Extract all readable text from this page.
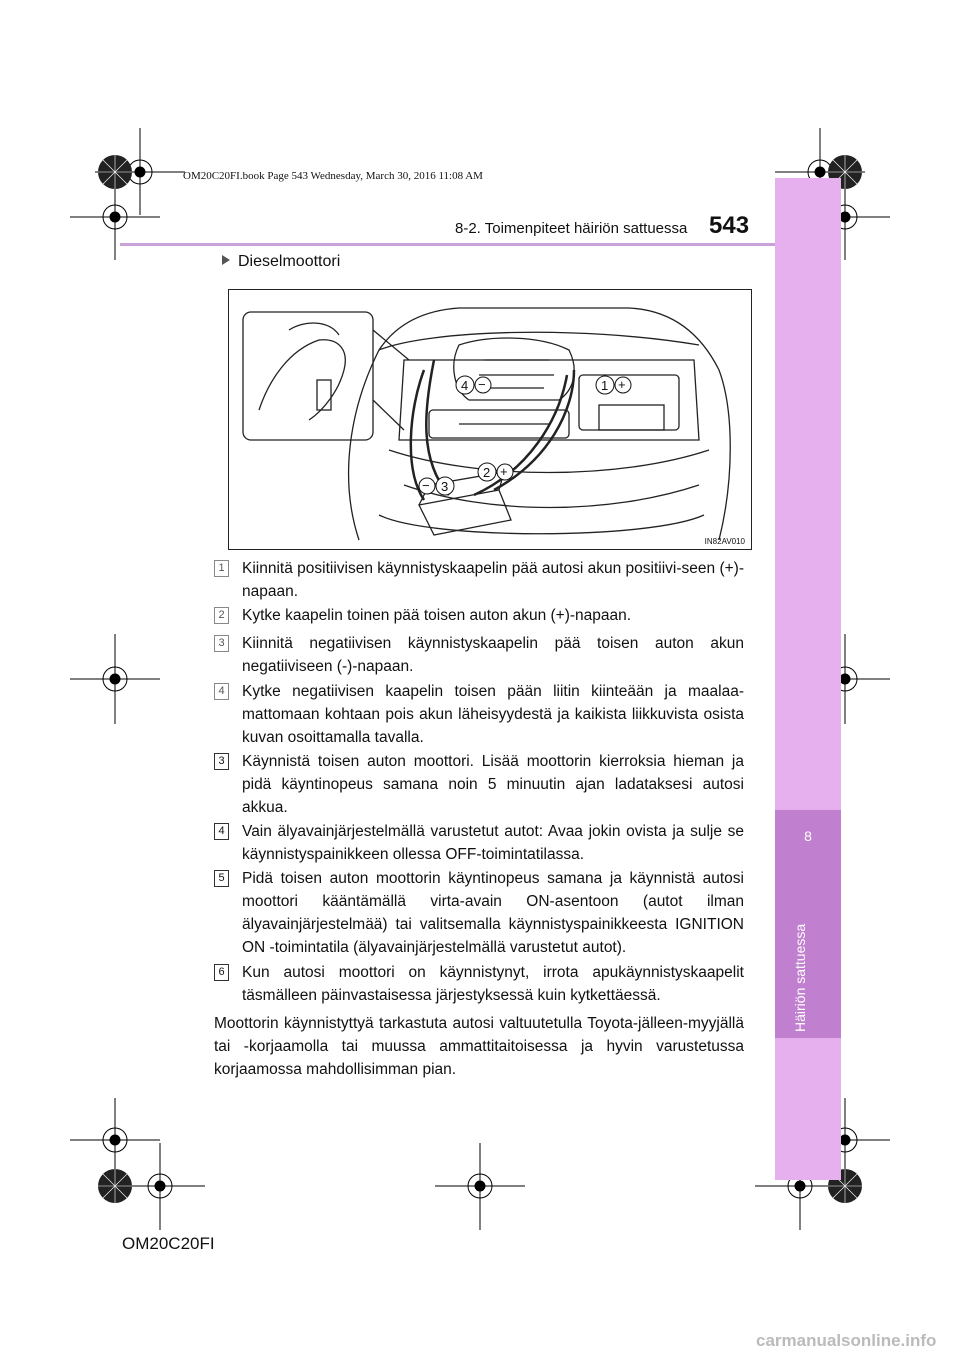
OM20C20FI.book Page 543 Wednesday, March 30, 2016 11:08 AM
8
Häiriön sattuessa
8-2. Toimenpiteet häiriön sattuessa 543
Dieselmoottori
4 −	1 +
2 +
− 3
IN82AV010
1 Kiinnitä positiivisen käynnistyskaapelin pää autosi akun positiivi-seen (+)-napaan.
2 Kytke kaapelin toinen pää toisen auton akun (+)-napaan.
3 Kiinnitä negatiivisen käynnistyskaapelin pää toisen auton akun negatiiviseen (-)-napaan.
4 Kytke negatiivisen kaapelin toisen pään liitin kiinteään ja maalaa-mattomaan kohtaan pois akun läheisyydestä ja kaikista liikkuvista osista kuvan osoittamalla tavalla.
3 Käynnistä toisen auton moottori. Lisää moottorin kierroksia hieman ja pidä käyntinopeus samana noin 5 minuutin ajan ladataksesi autosi akkua.
4 Vain älyavainjärjestelmällä varustetut autot: Avaa jokin ovista ja sulje se käynnistyspainikkeen ollessa OFF-toimintatilassa.
5 Pidä toisen auton moottorin käyntinopeus samana ja käynnistä autosi moottori kääntämällä virta-avain ON-asentoon (autot ilman älyavainjärjestelmää) tai valitsemalla käynnistyspainikkeesta IGNITION ON -toimintatila (älyavainjärjestelmällä varustetut autot).
6 Kun autosi moottori on käynnistynyt, irrota apukäynnistyskaapelit täsmälleen päinvastaisessa järjestyksessä kuin kytkettäessä.
Moottorin käynnistyttyä tarkastuta autosi valtuutetulla Toyota-jälleen-myyjällä tai -korjaamolla tai muussa ammattitaitoisessa ja hyvin varustetussa korjaamossa mahdollisimman pian.
OM20C20FI
carmanualsonline.info
